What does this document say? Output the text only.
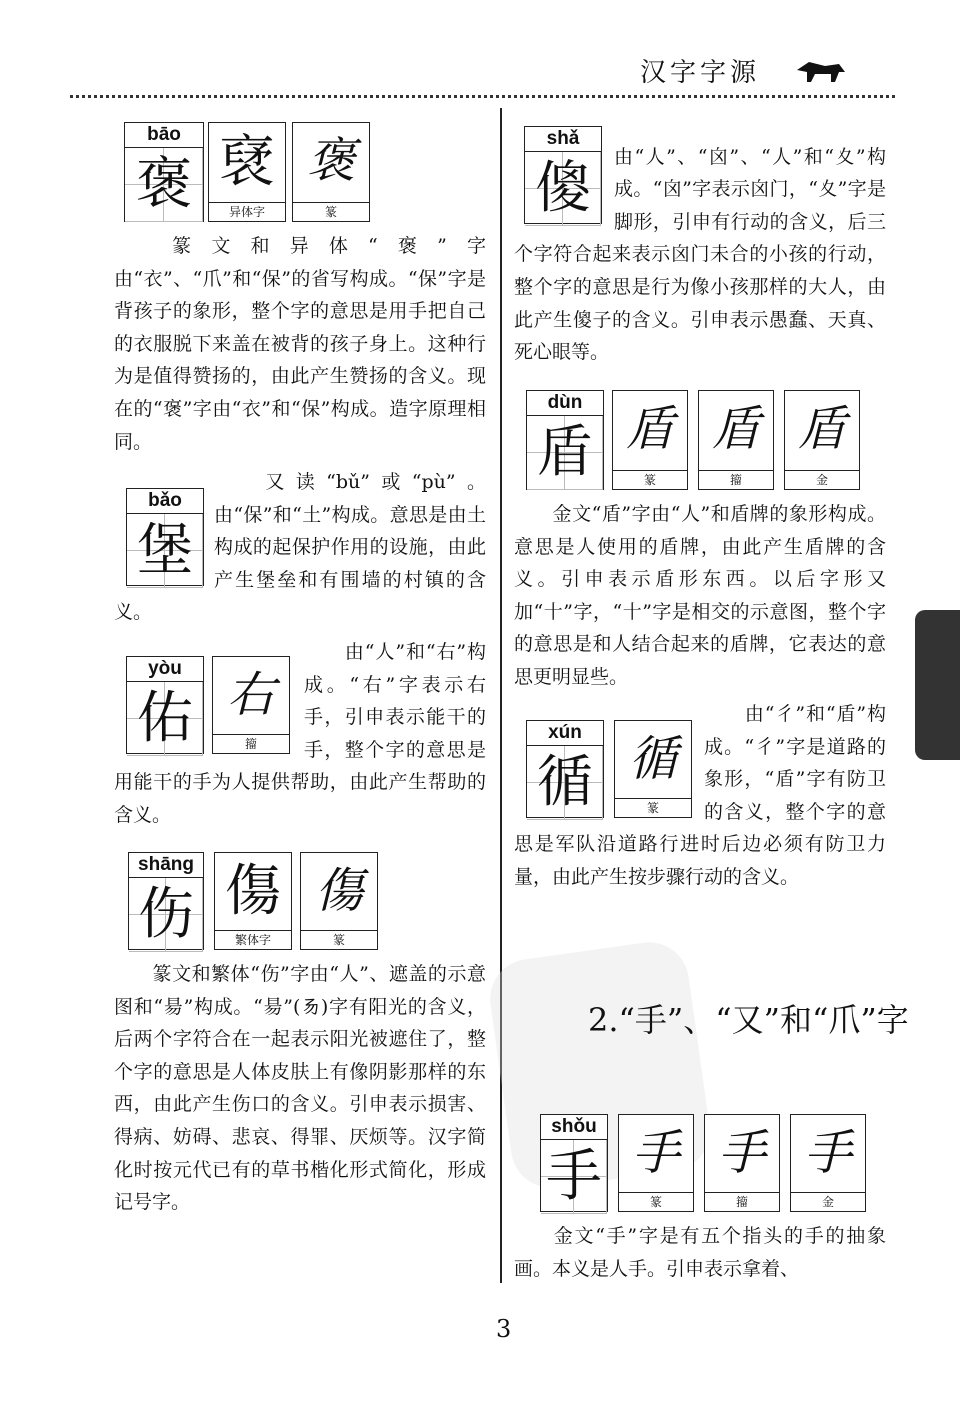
汉字字源
bāo
褒 裦
异体字
褒
篆
篆文和异体“褒”字由“衣”、“爪”和“保”的省写构成。“保”字是背孩子的象形，整个字的意思是用手把自己的衣服脱下来盖在被背的孩子身上。这种行为是值得赞扬的，由此产生赞扬的含义。现在的“褒”字由“衣”和“保”构成。造字原理相同。
bǎo
堡
又读“bǔ”或“pù”。由“保”和“土”构成。意思是由土构成的起保护作用的设施，由此产生堡垒和有围墙的村镇的含义。
yòu
佑 右
籀
由“人”和“右”构成。“右”字表示右手，引申表示能干的手，整个字的意思是用能干的手为人提供帮助，由此产生帮助的含义。
shāng
伤 傷
繁体字
傷
篆
篆文和繁体“伤”字由“人”、遮盖的示意图和“昜”构成。“昜”(𠃓)字有阳光的含义，后两个字符合在一起表示阳光被遮住了，整个字的意思是人体皮肤上有像阴影那样的东西，由此产生伤口的含义。引申表示损害、得病、妨碍、悲哀、得罪、厌烦等。汉字简化时按元代已有的草书楷化形式简化，形成记号字。
shǎ
傻	由“人”、“囟”、“人”和“夊”构成。“囟”字表示囟门，“夊”字是脚形，引申有行动的含义，后三个字符合起来表示囟门未合的小孩的行动，整个字的意思是行为像小孩那样的大人，由此产生傻子的含义。引申表示愚蠢、天真、死心眼等。
dùn
盾 盾
篆
盾
籀
盾
金
金文“盾”字由“人”和盾牌的象形构成。意思是人使用的盾牌，由此产生盾牌的含义。引申表示盾形东西。以后字形又加“十”字，“十”字是相交的示意图，整个字的意思是和人结合起来的盾牌，它表达的意思更明显些。
xún
循 循
篆
由“彳”和“盾”构成。“彳”字是道路的象形，“盾”字有防卫的含义，整个字的意思是军队沿道路行进时后边必须有防卫力量，由此产生按步骤行动的含义。
2.“手”、“又”和“爪”字
shǒu
手 手
篆
手
籀
手
金
金文“手”字是有五个指头的手的抽象画。本义是人手。引申表示拿着、
3
